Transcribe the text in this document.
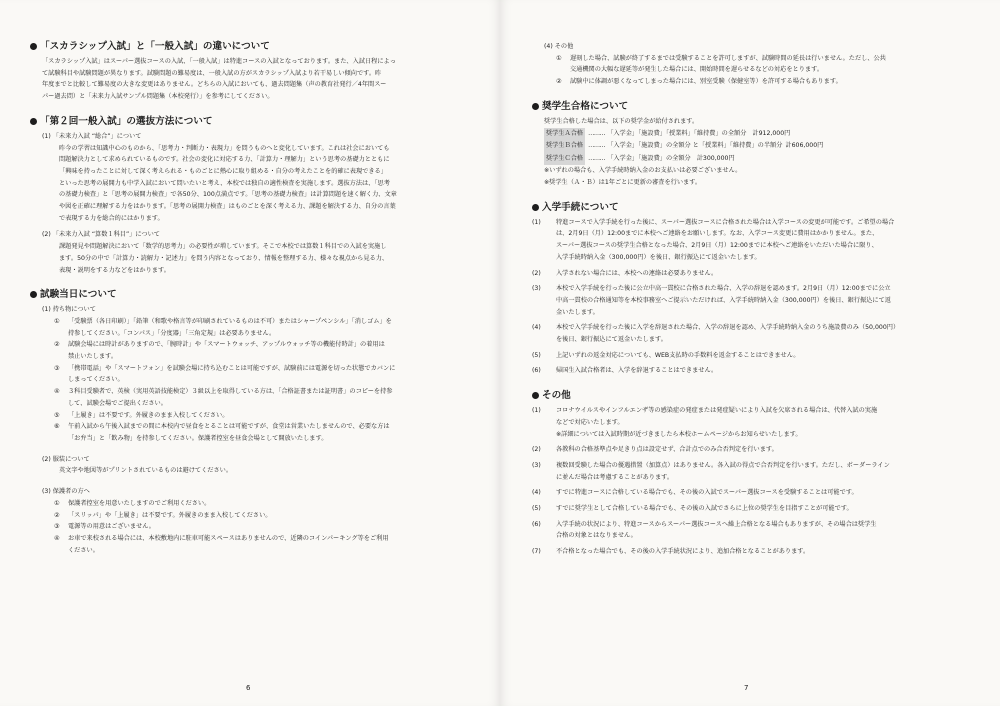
「スカラシップ入試」と「一般入試」の違いについて

「スカラシップ入試」はスーパー選抜コースの入試、「一般入試」は特進コースの入試となっております。また、入試日程によっ

て試験科目や試験問題が異なります。試験問題の難易度は、一般入試の方がスカラシップ入試より若干易しい傾向です。昨

年度までと比較して難易度の大きな変更はありません。どちらの入試においても、過去問題集（声の教育社発行／4年間スー

パー過去問）と「未来力入試サンプル問題集（本校発行）」を参考にしてください。

「第２回一般入試」の選抜方法について
(1) 「未来力入試 “総合”」について

昨今の学習は知識中心のものから、「思考力・判断力・表現力」を問うものへと変化しています。これは社会においても

問題解決力として求められているものです。社会の変化に対応する力、「計算力・理解力」という思考の基礎力とともに

「興味を持ったことに対して深く考えられる・ものごとに熱心に取り組める・自分の考えたことを的確に表現できる」

といった思考の展開力も中学入試において問いたいと考え、本校では独自の適性検査を実施します。選抜方法は、「思考

の基礎力検査」と「思考の展開力検査」で各50分、100点満点です。「思考の基礎力検査」は計算問題を速く解く力、文章

や図を正確に理解する力をはかります。「思考の展開力検査」はものごとを深く考える力、課題を解決する力、自分の言葉

で表現する力を総合的にはかります。

(2) 「未来力入試 “算数１科目”」について

課題発見や問題解決において「数学的思考力」の必要性が増しています。そこで本校では算数１科目での入試を実施し

ます。50分の中で「計算力・読解力・記述力」を問う内容となっており、情報を整理する力、様々な視点から見る力、

表現・説明をする力などをはかります。

試験当日について
(1) 持ち物について
①	「受験票（各日印刷）」「鉛筆（和歌や格言等が印刷されているものは不可）またはシャープペンシル」「消しゴム」を
持参してください。「コンパス」「分度器」「三角定規」は必要ありません。
②	試験会場には時計がありますので、「腕時計」や「スマートウォッチ、アップルウォッチ等の機能付時計」の着用は
禁止いたします。
③	「携帯電話」や「スマートフォン」を試験会場に持ち込むことは可能ですが、試験前には電源を切った状態でカバンに
しまってください。
④	３科目受験者で、英検（実用英語技能検定）３級以上を取得している方は、「合格証書または証明書」のコピーを持参
して、試験会場でご提出ください。
⑤	「上履き」は不要です。外履きのまま入校してください。
⑥	午前入試から午後入試までの間に本校内で昼食をとることは可能ですが、食堂は営業いたしませんので、必要な方は
「お弁当」と「飲み物」を持参してください。保護者控室を昼食会場として開放いたします。
(2) 服装について

英文字や地図等がプリントされているものは避けてください。

(3) 保護者の方へ
①	保護者控室を用意いたしますのでご利用ください。
②	「スリッパ」や「上履き」は不要です。外履きのまま入校してください。
③	電源等の用意はございません。
④	お車で来校される場合には、本校敷地内に駐車可能スペースはありませんので、近隣のコインパーキング等をご利用
ください。
6
(4) その他
①	遅刻した場合、試験が終了するまでは受験することを許可しますが、試験時間の延長は行いません。ただし、公共
交通機関の大幅な遅延等が発生した場合には、開始時間を遅らせるなどの対応をとります。
②	試験中に体調が悪くなってしまった場合には、別室受験（保健室等）を許可する場合もあります。
奨学生合格について

奨学生合格した場合は、以下の奨学金が給付されます。

奨学生Ａ合格 ……… 「入学金」「施設費」「授業料」「維持費」の全額分 計912,000円
奨学生Ｂ合格 ……… 「入学金」「施設費」の全額分 と「授業料」「維持費」の半額分 計606,000円
奨学生Ｃ合格 ……… 「入学金」「施設費」の全額分 計300,000円

※いずれの場合も、入学手続時納入金のお支払いは必要ございません。

※奨学生（Ａ・Ｂ）は1年ごとに更新の審査を行います。

入学手続について
(1)	特進コースで入学手続を行った後に、スーパー選抜コースに合格された場合は入学コースの変更が可能です。ご希望の場合
は、2月9日（月）12:00までに本校へご連絡をお願いします。なお、入学コース変更に費用はかかりません。また、
スーパー選抜コースの奨学生合格となった場合、2月9日（月）12:00までに本校へご連絡をいただいた場合に限り、
入学手続時納入金（300,000円）を後日、銀行振込にて返金いたします。
(2)	入学されない場合には、本校への連絡は必要ありません。
(3)	本校で入学手続を行った後に公立中高一貫校に合格された場合、入学の辞退を認めます。2月9日（月）12:00までに公立
中高一貫校の合格通知等を本校事務室へご提示いただければ、入学手続時納入金（300,000円）を後日、銀行振込にて返
金いたします。
(4)	本校で入学手続を行った後に入学を辞退された場合、入学の辞退を認め、入学手続時納入金のうち施設費のみ（50,000円）
を後日、銀行振込にて返金いたします。
(5)	上記いずれの返金対応についても、WEB支払時の手数料を返金することはできません。
(6)	帰国生入試合格者は、入学を辞退することはできません。
その他
(1)	コロナウイルスやインフルエンザ等の感染症の発症または発症疑いにより入試を欠席される場合は、代替入試の実施
などで対応いたします。
※詳細については入試時期が近づきましたら本校ホームページからお知らせいたします。
(2)	各教科の合格基準点や足きり点は設定せず、合計点でのみ合否判定を行います。
(3)	複数回受験した場合の優遇措置（加算点）はありません。各入試の得点で合否判定を行います。ただし、ボーダーライン
に並んだ場合は考慮することがあります。
(4)	すでに特進コースに合格している場合でも、その後の入試でスーパー選抜コースを受験することは可能です。
(5)	すでに奨学生として合格している場合でも、その後の入試でさらに上位の奨学生を目指すことが可能です。
(6)	入学手続の状況により、特進コースからスーパー選抜コースへ繰上合格となる場合もありますが、その場合は奨学生
合格の対象とはなりません。
(7)	不合格となった場合でも、その後の入学手続状況により、追加合格となることがあります。
7
